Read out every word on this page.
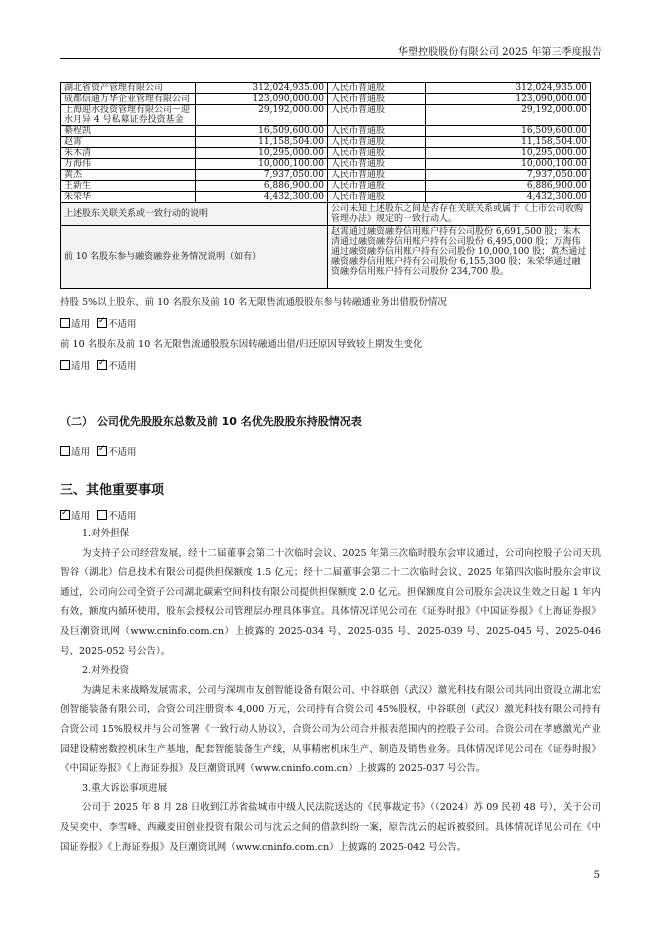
华塑控股股份有限公司 2025 年第三季度报告
湖北省资产管理有限公司	312,024,935.00	人民币普通股	312,024,935.00
成都信通万华企业管理有限公司	123,090,000.00	人民币普通股	123,090,000.00
上海迎水投资管理有限公司－迎水月异 4 号私募证券投资基金	29,192,000.00	人民币普通股	29,192,000.00
綦程凯	16,509,600.00	人民币普通股	16,509,600.00
赵霄	11,158,504.00	人民币普通股	11,158,504.00
朱木清	10,295,000.00	人民币普通股	10,295,000.00
万海伟	10,000,100.00	人民币普通股	10,000,100.00
黄杰	7,937,050.00	人民币普通股	7,937,050.00
王新生	6,886,900.00	人民币普通股	6,886,900.00
朱荣华	4,432,300.00	人民币普通股	4,432,300.00
上述股东关联关系或一致行动的说明		公司未知上述股东之间是否存在关联关系或属于《上市公司收购管理办法》规定的一致行动人。	
前 10 名股东参与融资融券业务情况说明（如有）		赵霄通过融资融券信用账户持有公司股份 6,691,500 股；朱木清通过融资融券信用账户持有公司股份 6,495,000 股；万海伟通过融资融券信用账户持有公司股份 10,000,100 股；黄杰通过融资融券信用账户持有公司股份 6,155,300 股；朱荣华通过融资融券信用账户持有公司股份 234,700 股。	
持股 5%以上股东、前 10 名股东及前 10 名无限售流通股股东参与转融通业务出借股份情况
适用 ✓ 不适用
前 10 名股东及前 10 名无限售流通股股东因转融通出借/归还原因导致较上期发生变化
适用 ✓ 不适用
（二） 公司优先股股东总数及前 10 名优先股股东持股情况表
适用 ✓ 不适用
三、其他重要事项
✓适用 不适用
1.对外担保
为支持子公司经营发展，经十二届董事会第二十次临时会议、2025 年第三次临时股东会审议通过，公司向控股子公司天玑智谷（湖北）信息技术有限公司提供担保额度 1.5 亿元；经十二届董事会第二十二次临时会议、2025 年第四次临时股东会审议通过，公司向公司全资子公司湖北碳索空间科技有限公司提供担保额度 2.0 亿元。担保额度自公司股东会决议生效之日起 1 年内有效，额度内循环使用，股东会授权公司管理层办理具体事宜。具体情况详见公司在《证券时报》《中国证券报》《上海证券报》及巨潮资讯网（www.cninfo.com.cn）上披露的 2025-034 号、2025-035 号、2025-039 号、2025-045 号、2025-046 号、2025-052 号公告）。
2.对外投资
为满足未来战略发展需求，公司与深圳市友创智能设备有限公司、中谷联创（武汉）激光科技有限公司共同出资设立湖北宏创智能装备有限公司，合资公司注册资本 4,000 万元，公司持有合资公司 45%股权，中谷联创（武汉）激光科技有限公司持有合资公司 15%股权并与公司签署《一致行动人协议》，合资公司为公司合并报表范围内的控股子公司。合资公司在孝感激光产业园建设精密数控机床生产基地，配套智能装备生产线，从事精密机床生产、制造及销售业务。具体情况详见公司在《证券时报》《中国证券报》《上海证券报》及巨潮资讯网（www.cninfo.com.cn）上披露的 2025-037 号公告。
3.重大诉讼事项进展
公司于 2025 年 8 月 28 日收到江苏省盐城市中级人民法院送达的《民事裁定书》（（2024）苏 09 民初 48 号），关于公司及吴奕中、李雪峰、西藏麦田创业投资有限公司与沈云之间的借款纠纷一案，原告沈云的起诉被驳回。具体情况详见公司在《中国证券报》《上海证券报》及巨潮资讯网（www.cninfo.com.cn）上披露的 2025-042 号公告。
5
